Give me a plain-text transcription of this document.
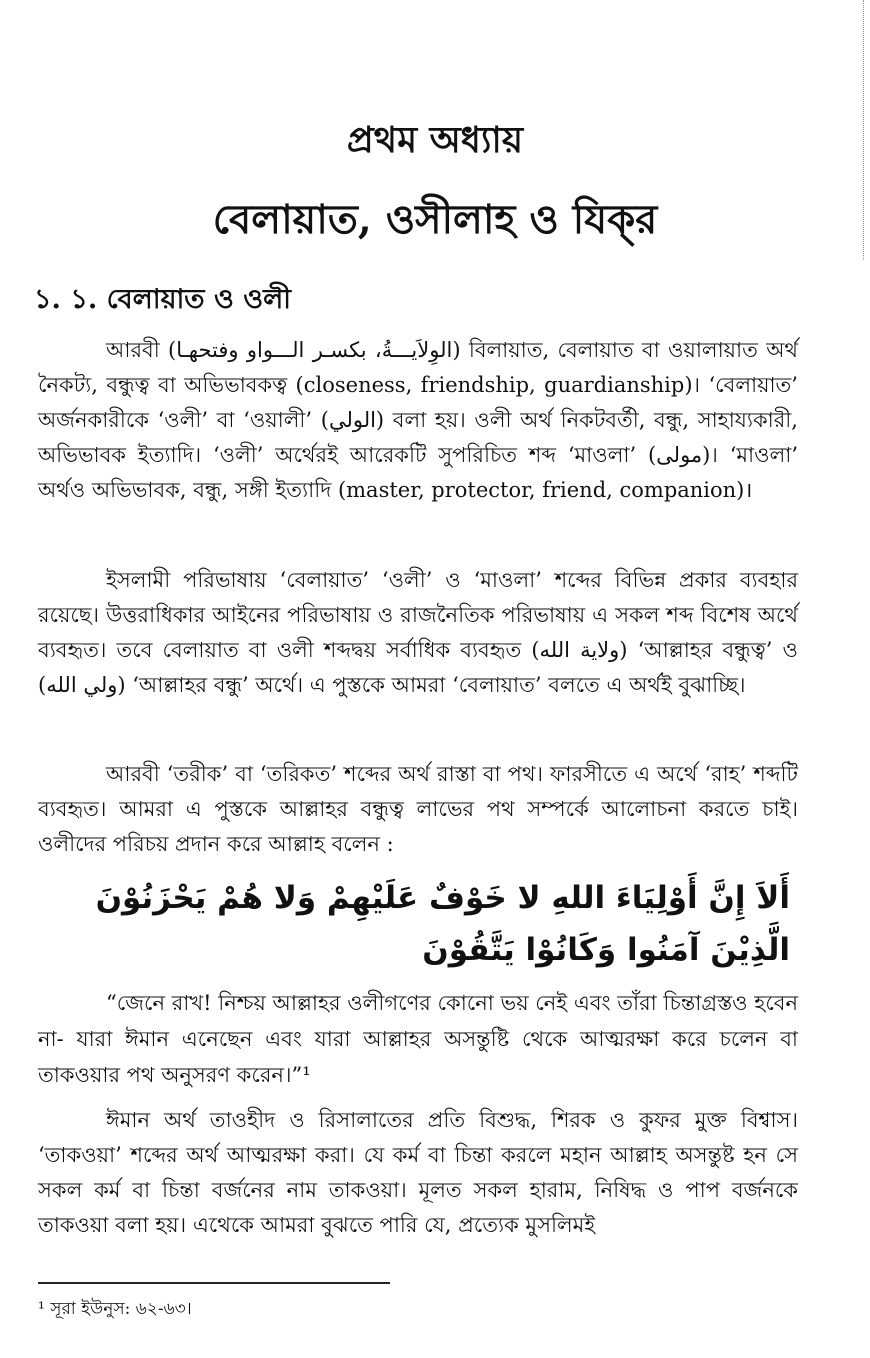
প্রথম অধ্যায়
বেলায়াত, ওসীলাহ ও যিক্‌র
১. ১. বেলায়াত ও ওলী

আরবী (الوِلاَيـــةُ، بكسـر الـــواو وفتحهـا) বিলায়াত, বেলায়াত বা ওয়ালায়াত অর্থ নৈকট্য, বন্ধুত্ব বা অভিভাবকত্ব (closeness, friendship, guardianship)। ‘বেলায়াত’ অর্জনকারীকে ‘ওলী’ বা ‘ওয়ালী’ (الولي) বলা হয়। ওলী অর্থ নিকটবর্তী, বন্ধু, সাহায্যকারী, অভিভাবক ইত্যাদি। ‘ওলী’ অর্থেরই আরেকটি সুপরিচিত শব্দ ‘মাওলা’ (مولى)। ‘মাওলা’ অর্থও অভিভাবক, বন্ধু, সঙ্গী ইত্যাদি (master, protector, friend, companion)।

ইসলামী পরিভাষায় ‘বেলায়াত’ ‘ওলী’ ও ‘মাওলা’ শব্দের বিভিন্ন প্রকার ব্যবহার রয়েছে। উত্তরাধিকার আইনের পরিভাষায় ও রাজনৈতিক পরিভাষায় এ সকল শব্দ বিশেষ অর্থে ব্যবহৃত। তবে বেলায়াত বা ওলী শব্দদ্বয় সর্বাধিক ব্যবহৃত (ولاية الله) ‘আল্লাহর বন্ধুত্ব’ ও (ولي الله) ‘আল্লাহর বন্ধু’ অর্থে। এ পুস্তকে আমরা ‘বেলায়াত’ বলতে এ অর্থই বুঝাচ্ছি।

আরবী ‘তরীক’ বা ‘তরিকত’ শব্দের অর্থ রাস্তা বা পথ। ফারসীতে এ অর্থে ‘রাহ’ শব্দটি ব্যবহৃত। আমরা এ পুস্তকে আল্লাহর বন্ধুত্ব লাভের পথ সম্পর্কে আলোচনা করতে চাই। ওলীদের পরিচয় প্রদান করে আল্লাহ বলেন :

أَلاَ إِنَّ أَوْلِيَاءَ اللهِ لا خَوْفٌ عَلَيْهِمْ وَلا هُمْ يَحْزَنُوْنَ الَّذِيْنَ آمَنُوا وَكَانُوْا يَتَّقُوْنَ

“জেনে রাখ! নিশ্চয় আল্লাহর ওলীগণের কোনো ভয় নেই এবং তাঁরা চিন্তাগ্রস্তও হবেন না- যারা ঈমান এনেছেন এবং যারা আল্লাহর অসন্তুষ্টি থেকে আত্মরক্ষা করে চলেন বা তাকওয়ার পথ অনুসরণ করেন।”¹

ঈমান অর্থ তাওহীদ ও রিসালাতের প্রতি বিশুদ্ধ, শিরক ও কুফর মুক্ত বিশ্বাস। ‘তাকওয়া’ শব্দের অর্থ আত্মরক্ষা করা। যে কর্ম বা চিন্তা করলে মহান আল্লাহ অসন্তুষ্ট হন সে সকল কর্ম বা চিন্তা বর্জনের নাম তাকওয়া। মূলত সকল হারাম, নিষিদ্ধ ও পাপ বর্জনকে তাকওয়া বলা হয়। এথেকে আমরা বুঝতে পারি যে, প্রত্যেক মুসলিমই

¹ সূরা ইউনুস: ৬২-৬৩।
